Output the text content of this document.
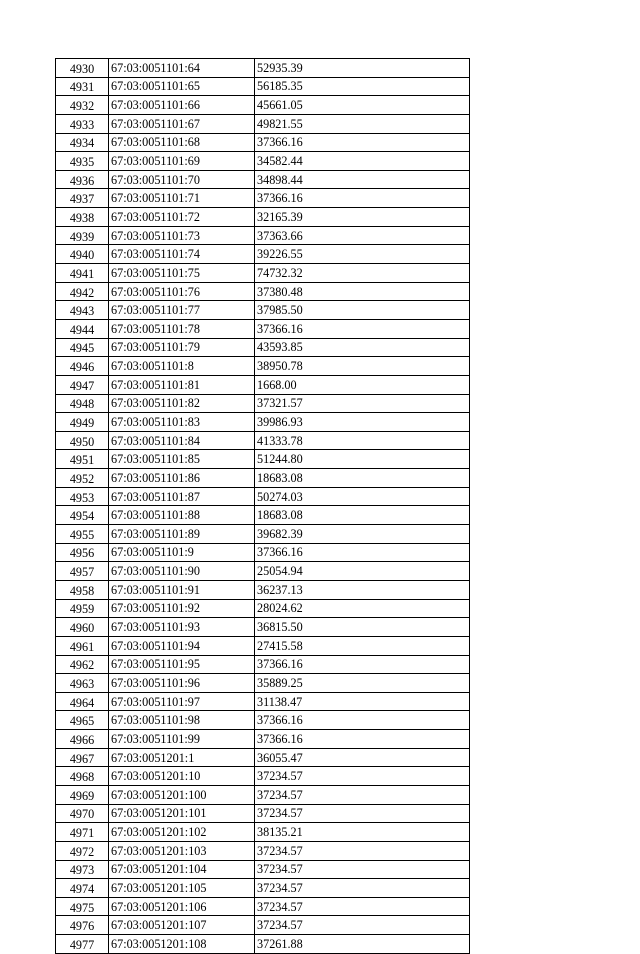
4930	67:03:0051101:64	52935.39
4931	67:03:0051101:65	56185.35
4932	67:03:0051101:66	45661.05
4933	67:03:0051101:67	49821.55
4934	67:03:0051101:68	37366.16
4935	67:03:0051101:69	34582.44
4936	67:03:0051101:70	34898.44
4937	67:03:0051101:71	37366.16
4938	67:03:0051101:72	32165.39
4939	67:03:0051101:73	37363.66
4940	67:03:0051101:74	39226.55
4941	67:03:0051101:75	74732.32
4942	67:03:0051101:76	37380.48
4943	67:03:0051101:77	37985.50
4944	67:03:0051101:78	37366.16
4945	67:03:0051101:79	43593.85
4946	67:03:0051101:8	38950.78
4947	67:03:0051101:81	1668.00
4948	67:03:0051101:82	37321.57
4949	67:03:0051101:83	39986.93
4950	67:03:0051101:84	41333.78
4951	67:03:0051101:85	51244.80
4952	67:03:0051101:86	18683.08
4953	67:03:0051101:87	50274.03
4954	67:03:0051101:88	18683.08
4955	67:03:0051101:89	39682.39
4956	67:03:0051101:9	37366.16
4957	67:03:0051101:90	25054.94
4958	67:03:0051101:91	36237.13
4959	67:03:0051101:92	28024.62
4960	67:03:0051101:93	36815.50
4961	67:03:0051101:94	27415.58
4962	67:03:0051101:95	37366.16
4963	67:03:0051101:96	35889.25
4964	67:03:0051101:97	31138.47
4965	67:03:0051101:98	37366.16
4966	67:03:0051101:99	37366.16
4967	67:03:0051201:1	36055.47
4968	67:03:0051201:10	37234.57
4969	67:03:0051201:100	37234.57
4970	67:03:0051201:101	37234.57
4971	67:03:0051201:102	38135.21
4972	67:03:0051201:103	37234.57
4973	67:03:0051201:104	37234.57
4974	67:03:0051201:105	37234.57
4975	67:03:0051201:106	37234.57
4976	67:03:0051201:107	37234.57
4977	67:03:0051201:108	37261.88
